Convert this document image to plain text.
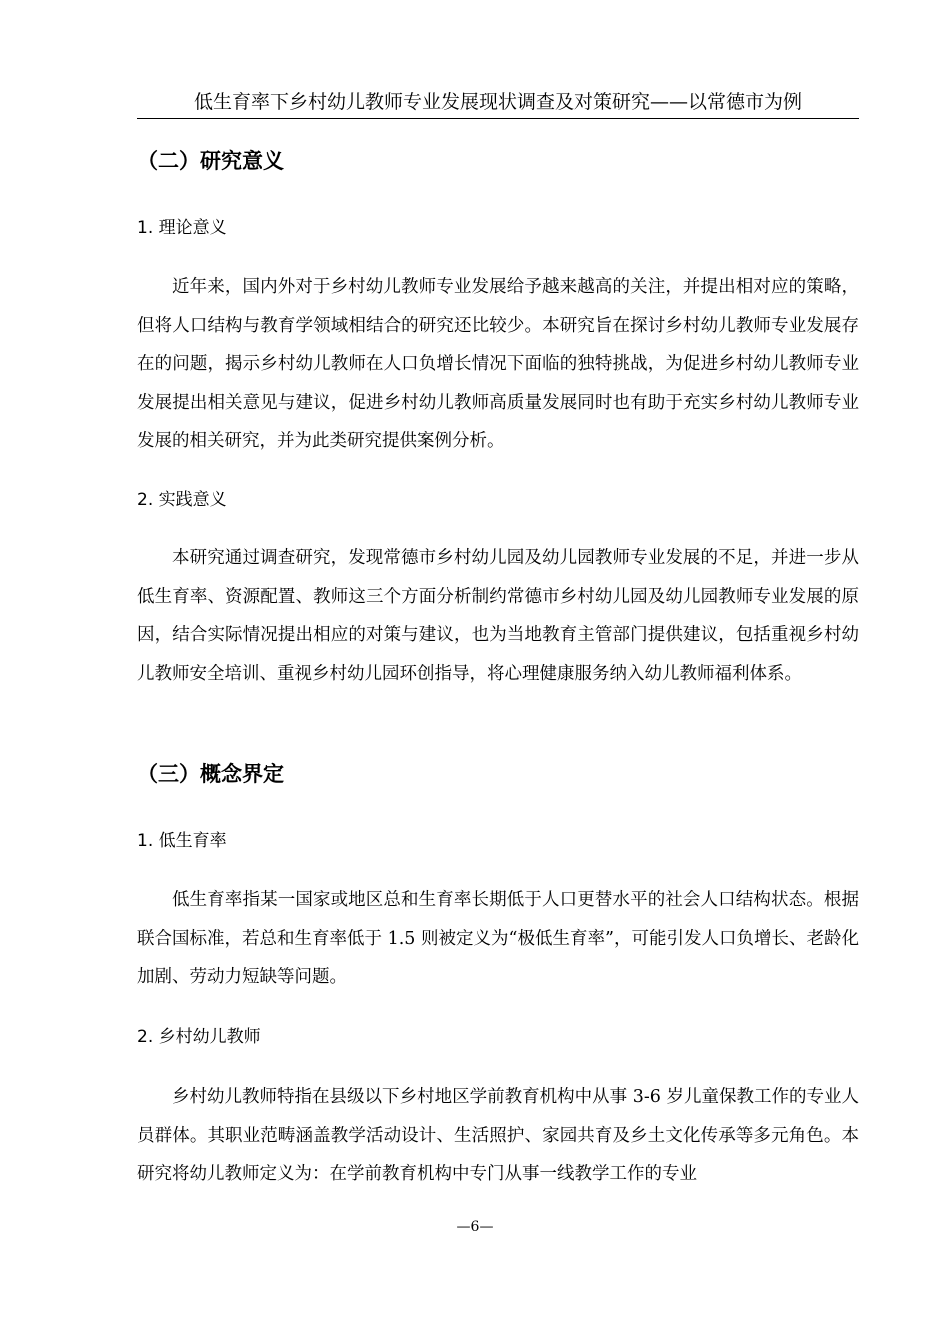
低生育率下乡村幼儿教师专业发展现状调查及对策研究——以常德市为例
（二）研究意义
1. 理论意义

近年来，国内外对于乡村幼儿教师专业发展给予越来越高的关注，并提出相对应的策略，但将人口结构与教育学领域相结合的研究还比较少。本研究旨在探讨乡村幼儿教师专业发展存在的问题，揭示乡村幼儿教师在人口负增长情况下面临的独特挑战，为促进乡村幼儿教师专业发展提出相关意见与建议，促进乡村幼儿教师高质量发展同时也有助于充实乡村幼儿教师专业发展的相关研究，并为此类研究提供案例分析。

2. 实践意义

本研究通过调查研究，发现常德市乡村幼儿园及幼儿园教师专业发展的不足，并进一步从低生育率、资源配置、教师这三个方面分析制约常德市乡村幼儿园及幼儿园教师专业发展的原因，结合实际情况提出相应的对策与建议，也为当地教育主管部门提供建议，包括重视乡村幼儿教师安全培训、重视乡村幼儿园环创指导，将心理健康服务纳入幼儿教师福利体系。

（三）概念界定
1. 低生育率

低生育率指某一国家或地区总和生育率长期低于人口更替水平的社会人口结构状态。根据联合国标准，若总和生育率低于 1.5 则被定义为“极低生育率”，可能引发人口负增长、老龄化加剧、劳动力短缺等问题。

2. 乡村幼儿教师

乡村幼儿教师特指在县级以下乡村地区学前教育机构中从事 3-6 岁儿童保教工作的专业人员群体。其职业范畴涵盖教学活动设计、生活照护、家园共育及乡土文化传承等多元角色。本研究将幼儿教师定义为：在学前教育机构中专门从事一线教学工作的专业

—6—
